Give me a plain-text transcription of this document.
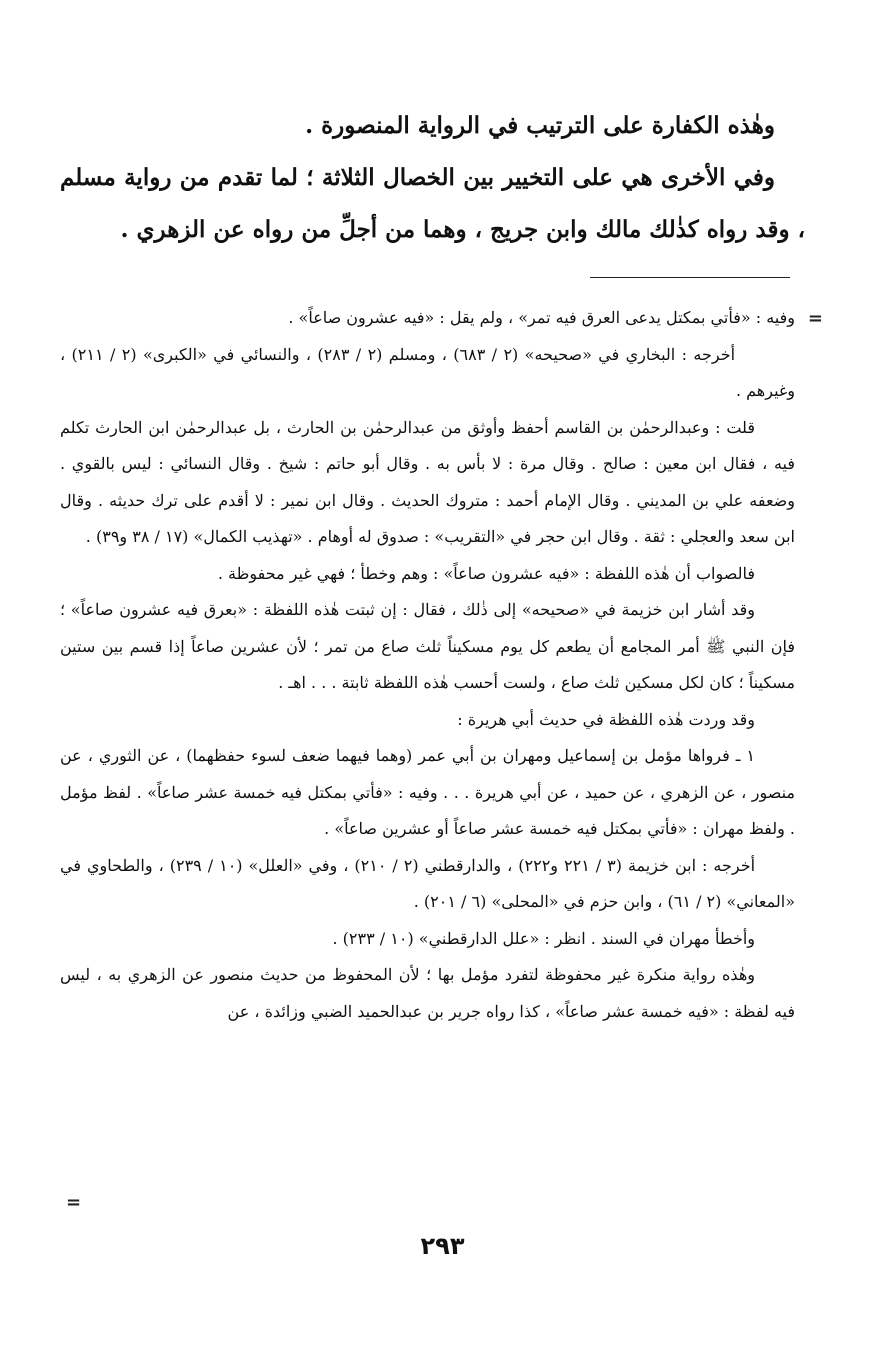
وهٰذه الكفارة على الترتيب في الرواية المنصورة .

وفي الأخرى هي على التخيير بين الخصال الثلاثة ؛ لما تقدم من رواية مسلم ، وقد رواه كذٰلك مالك وابن جريج ، وهما من أجلِّ من رواه عن الزهري .

=

وفيه : «فأتي بمكتل يدعى العرق فيه تمر» ، ولم يقل : «فيه عشرون صاعاً» .

أخرجه : البخاري في «صحيحه» (٢ / ٦٨٣) ، ومسلم (٢ / ٢٨٣) ، والنسائي في «الكبرى» (٢ / ٢١١) ، وغيرهم .

قلت : وعبدالرحمٰن بن القاسم أحفظ وأوثق من عبدالرحمٰن بن الحارث ، بل عبدالرحمٰن ابن الحارث تكلم فيه ، فقال ابن معين : صالح . وقال مرة : لا بأس به . وقال أبو حاتم : شيخ . وقال النسائي : ليس بالقوي . وضعفه علي بن المديني . وقال الإمام أحمد : متروك الحديث . وقال ابن نمير : لا أقدم على ترك حديثه . وقال ابن سعد والعجلي : ثقة . وقال ابن حجر في «التقريب» : صدوق له أوهام . «تهذيب الكمال» (١٧ / ٣٨ و٣٩) .

فالصواب أن هٰذه اللفظة : «فيه عشرون صاعاً» : وهم وخطأ ؛ فهي غير محفوظة .

وقد أشار ابن خزيمة في «صحيحه» إلى ذٰلك ، فقال : إن ثبتت هٰذه اللفظة : «بعرق فيه عشرون صاعاً» ؛ فإن النبي ﷺ أمر المجامع أن يطعم كل يوم مسكيناً ثلث صاع من تمر ؛ لأن عشرين صاعاً إذا قسم بين ستين مسكيناً ؛ كان لكل مسكين ثلث صاع ، ولست أحسب هٰذه اللفظة ثابتة . . . اهـ .

وقد وردت هٰذه اللفظة في حديث أبي هريرة :

١ ـ فرواها مؤمل بن إسماعيل ومهران بن أبي عمر (وهما فيهما ضعف لسوء حفظهما) ، عن الثوري ، عن منصور ، عن الزهري ، عن حميد ، عن أبي هريرة . . . وفيه : «فأتي بمكتل فيه خمسة عشر صاعاً» . لفظ مؤمل . ولفظ مهران : «فأتي بمكتل فيه خمسة عشر صاعاً أو عشرين صاعاً» .

أخرجه : ابن خزيمة (٣ / ٢٢١ و٢٢٢) ، والدارقطني (٢ / ٢١٠) ، وفي «العلل» (١٠ / ٢٣٩) ، والطحاوي في «المعاني» (٢ / ٦١) ، وابن حزم في «المحلى» (٦ / ٢٠١) .

وأخطأ مهران في السند . انظر : «علل الدارقطني» (١٠ / ٢٣٣) .

وهٰذه رواية منكرة غير محفوظة لتفرد مؤمل بها ؛ لأن المحفوظ من حديث منصور عن الزهري به ، ليس فيه لفظة : «فيه خمسة عشر صاعاً» ، كذا رواه جرير بن عبدالحميد الضبي وزائدة ، عن

=
٢٩٣
